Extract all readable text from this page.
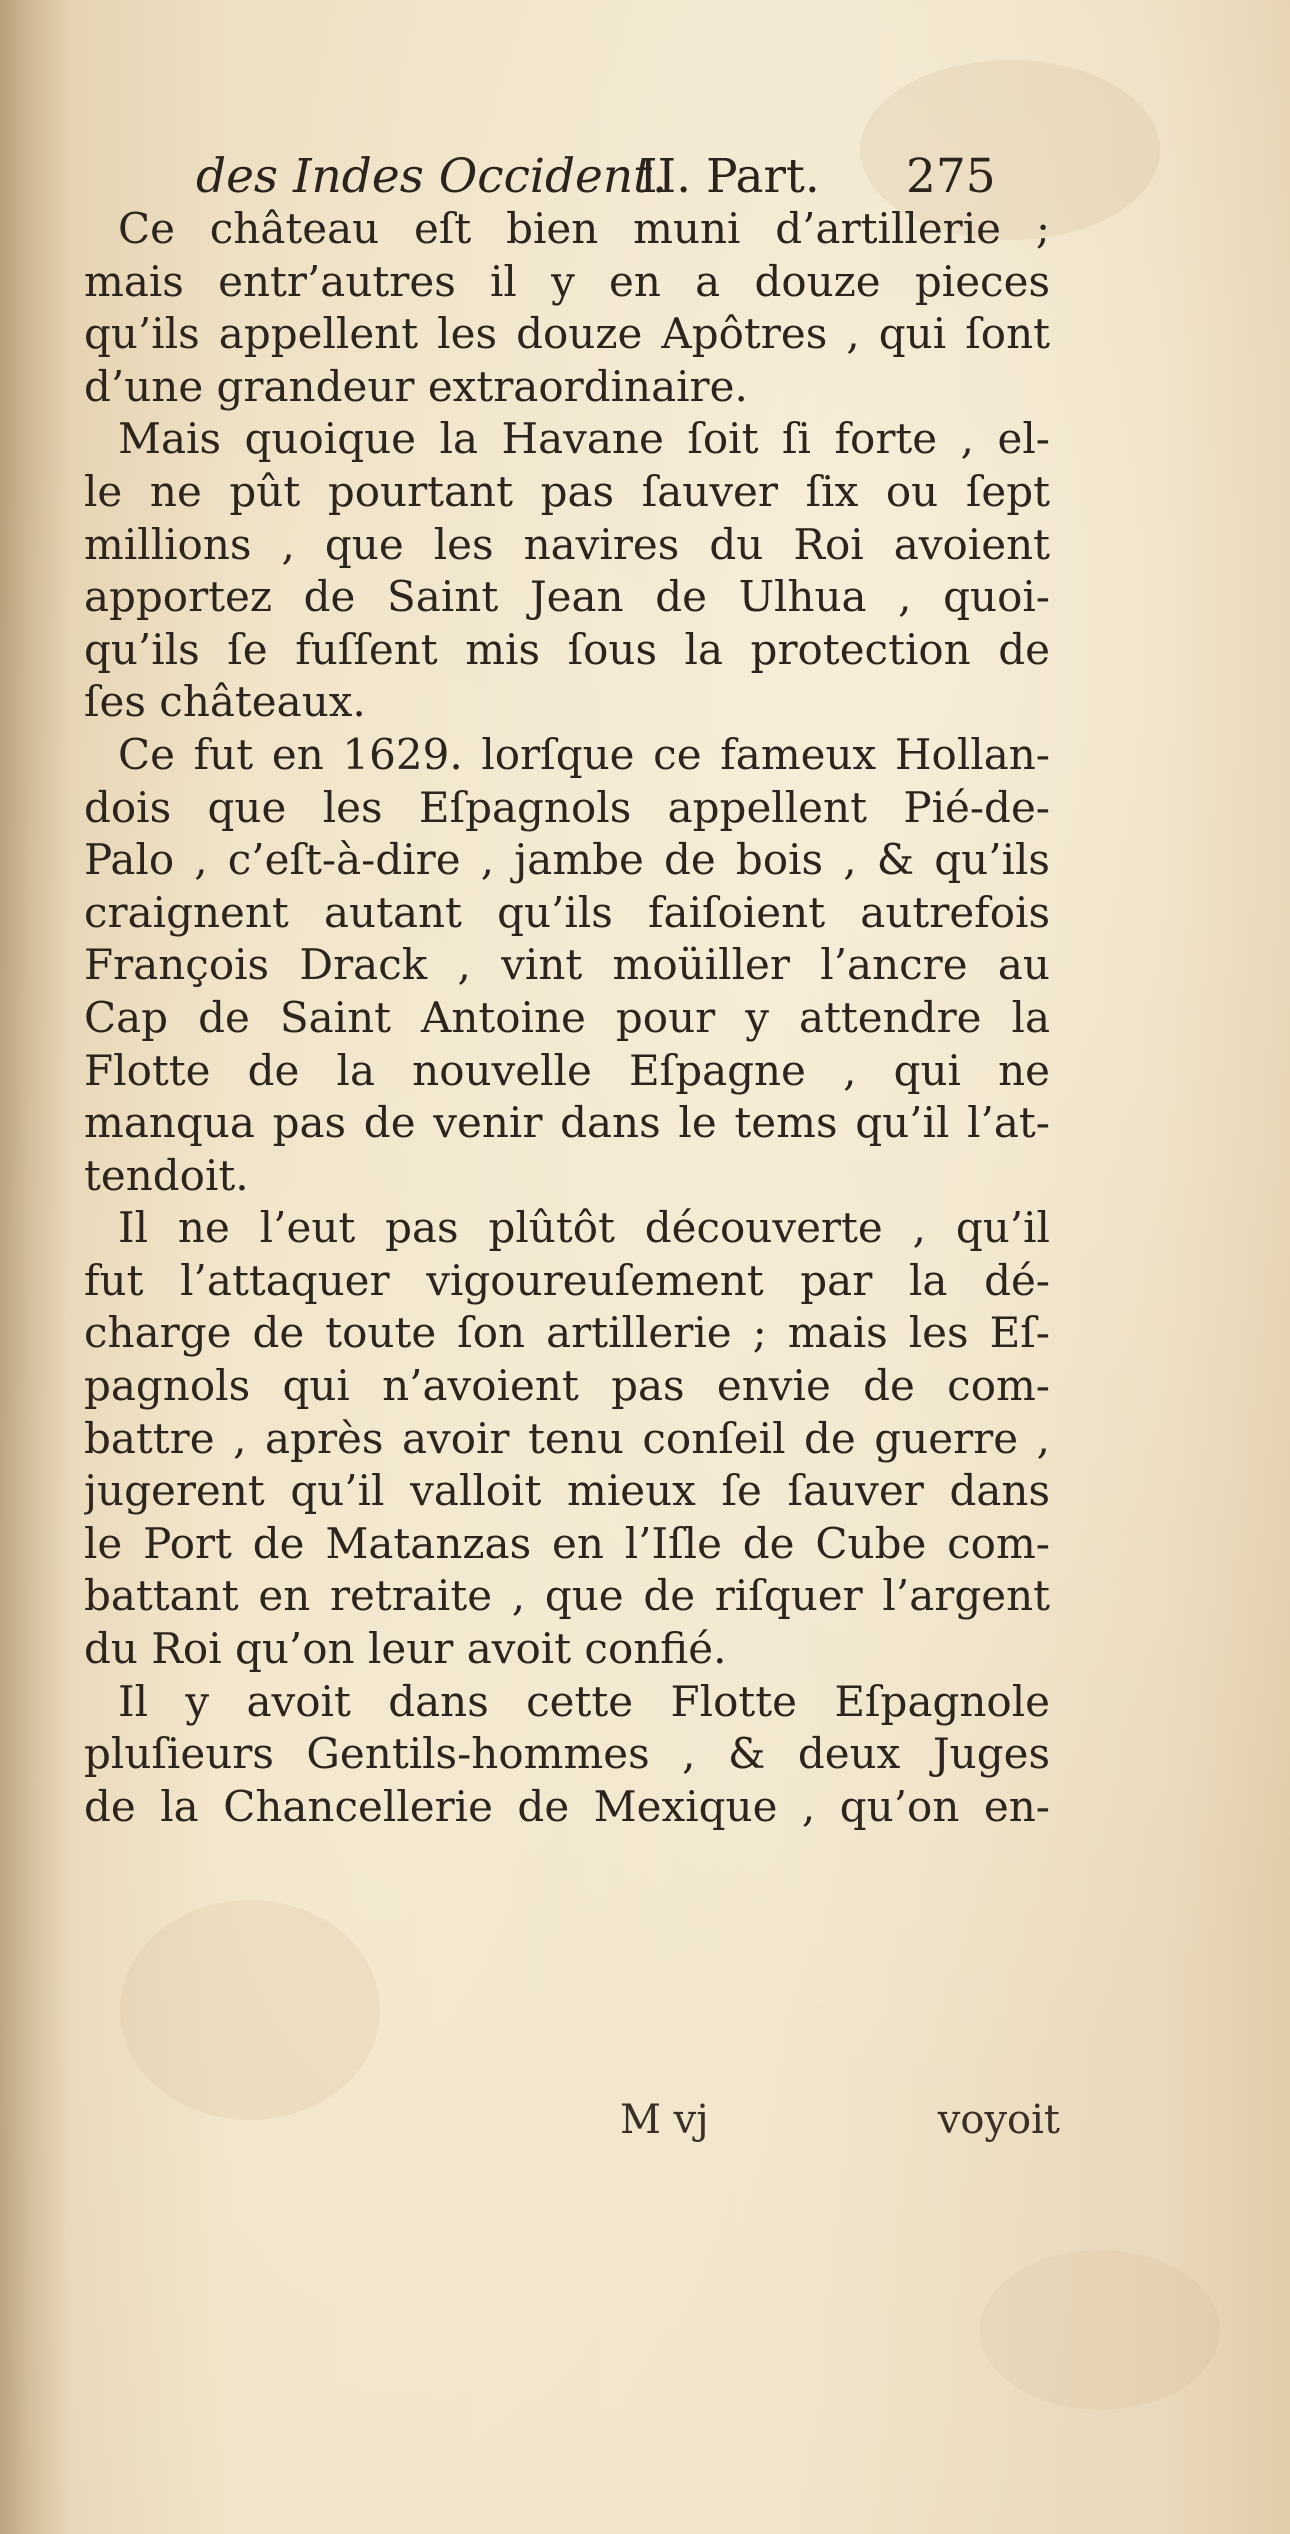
des Indes Occident.
II. Part. 275
Ce château eſt bien muni d’artillerie ;
mais entr’autres il y en a douze pieces
qu’ils appellent les douze Apôtres , qui ſont
d’une grandeur extraordinaire.
Mais quoique la Havane ſoit ſi forte , el-
le ne pût pourtant pas ſauver ſix ou ſept
millions , que les navires du Roi avoient
apportez de Saint Jean de Ulhua , quoi-
qu’ils ſe fuſſent mis ſous la protection de
ſes châteaux.
Ce fut en 1629. lorſque ce fameux Hollan-
dois que les Eſpagnols appellent Pié-de-
Palo , c’eſt-à-dire , jambe de bois , & qu’ils
craignent autant qu’ils faiſoient autrefois
François Drack , vint moüiller l’ancre au
Cap de Saint Antoine pour y attendre la
Flotte de la nouvelle Eſpagne , qui ne
manqua pas de venir dans le tems qu’il l’at-
tendoit.
Il ne l’eut pas plûtôt découverte , qu’il
fut l’attaquer vigoureuſement par la dé-
charge de toute ſon artillerie ; mais les Eſ-
pagnols qui n’avoient pas envie de com-
battre , après avoir tenu conſeil de guerre ,
jugerent qu’il valloit mieux ſe ſauver dans
le Port de Matanzas en l’Iſle de Cube com-
battant en retraite , que de riſquer l’argent
du Roi qu’on leur avoit confié.
Il y avoit dans cette Flotte Eſpagnole
pluſieurs Gentils-hommes , & deux Juges
de la Chancellerie de Mexique , qu’on en-
M vj	voyoit
